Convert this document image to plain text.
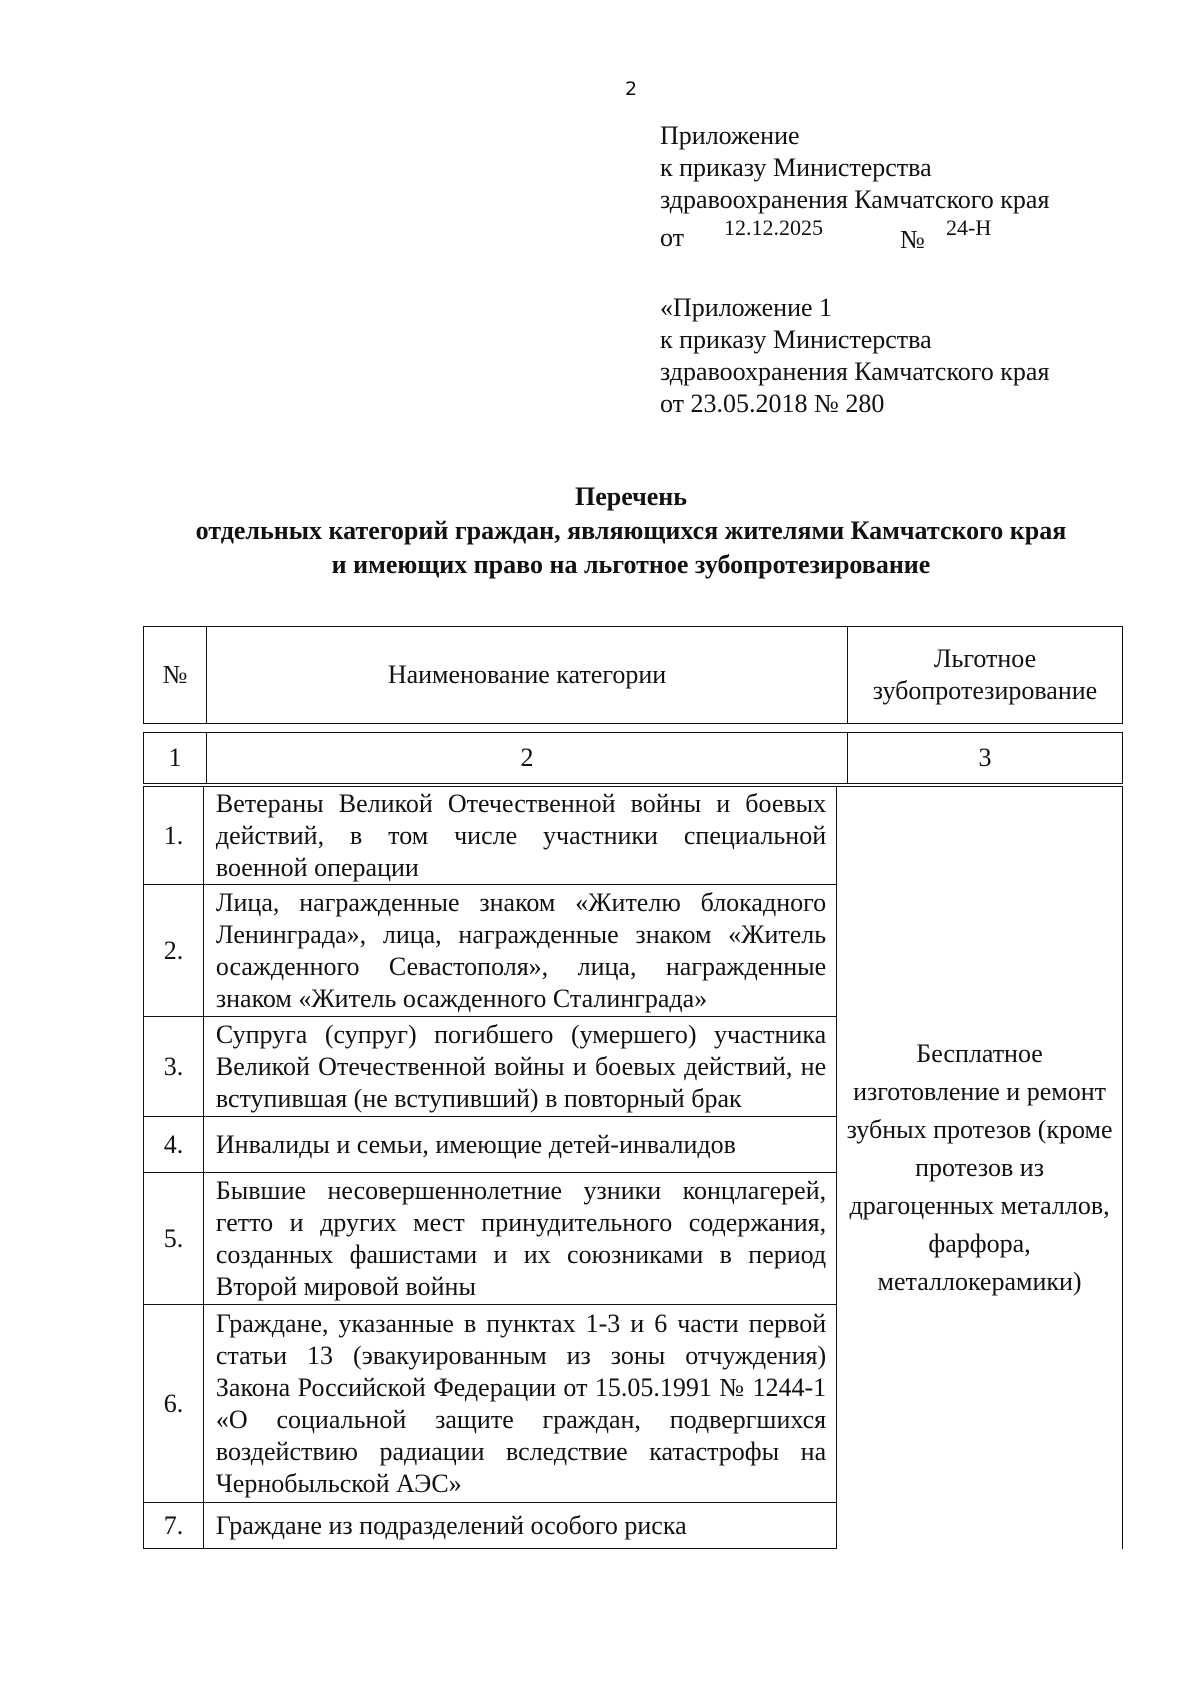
2
Приложение
к приказу Министерства
здравоохранения Камчатского края
от 12.12.2025	№ 24-Н
«Приложение 1
к приказу Министерства
здравоохранения Камчатского края
от 23.05.2018 № 280
Перечень
отдельных категорий граждан, являющихся жителями Камчатского края
и имеющих право на льготное зубопротезирование
№	Наименование категории	Льготное зубопротезирование
1	2	3
1.	Ветераны Великой Отечественной войны и боевых действий, в том числе участники специальной военной операции	Бесплатное изготовление и ремонт зубных протезов (кроме протезов из драгоценных металлов, фарфора, металлокерамики)
2.	Лица, награжденные знаком «Жителю блокадного Ленинграда», лица, награжденные знаком «Житель осажденного Севастополя», лица, награжденные знаком «Житель осажденного Сталинграда»	
3.	Супруга (супруг) погибшего (умершего) участника Великой Отечественной войны и боевых действий, не вступившая (не вступивший) в повторный брак	
4.	Инвалиды и семьи, имеющие детей-инвалидов	
5.	Бывшие несовершеннолетние узники концлагерей, гетто и других мест принудительного содержания, созданных фашистами и их союзниками в период Второй мировой войны	
6.	Граждане, указанные в пунктах 1-3 и 6 части первой статьи 13 (эвакуированным из зоны отчуждения) Закона Российской Федерации от 15.05.1991 № 1244-1 «О социальной защите граждан, подвергшихся воздействию радиации вследствие катастрофы на Чернобыльской АЭС»	
7.	Граждане из подразделений особого риска	
